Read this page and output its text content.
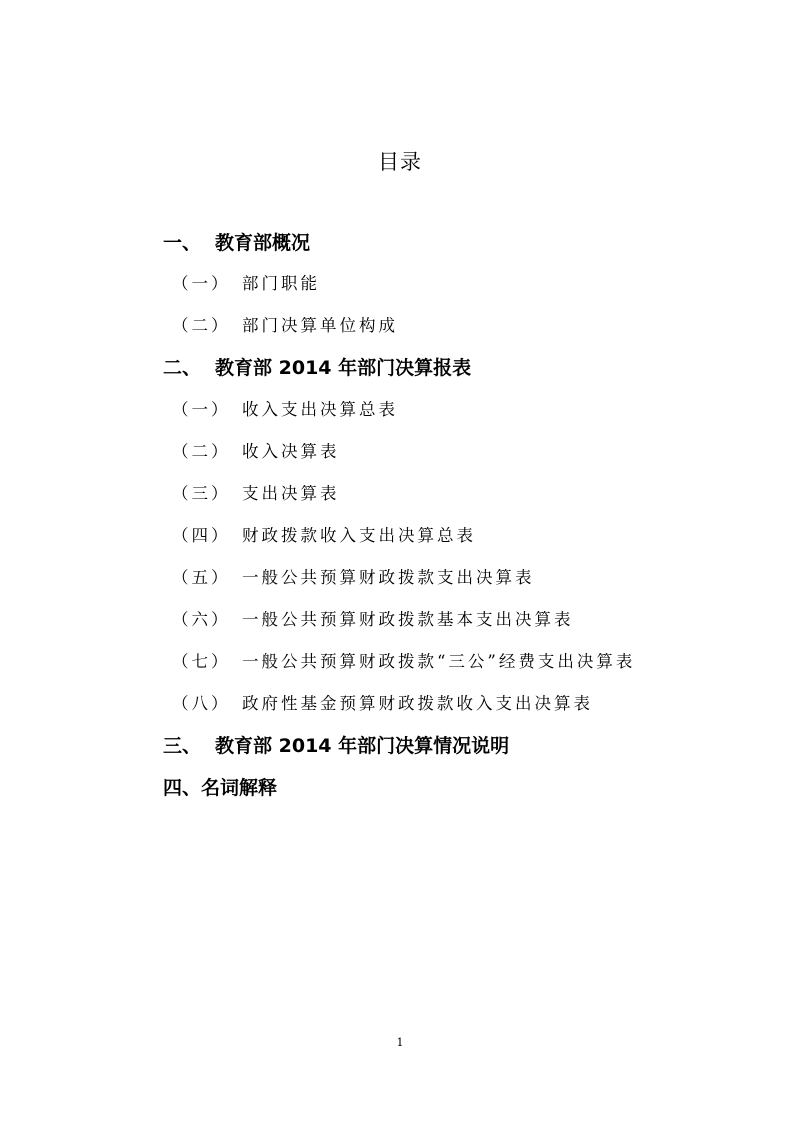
目录
一、 教育部概况
（一） 部门职能
（二） 部门决算单位构成
二、 教育部 2014 年部门决算报表
（一） 收入支出决算总表
（二） 收入决算表
（三） 支出决算表
（四） 财政拨款收入支出决算总表
（五） 一般公共预算财政拨款支出决算表
（六） 一般公共预算财政拨款基本支出决算表
（七） 一般公共预算财政拨款“三公”经费支出决算表
（八） 政府性基金预算财政拨款收入支出决算表
三、 教育部 2014 年部门决算情况说明
四、名词解释
1
